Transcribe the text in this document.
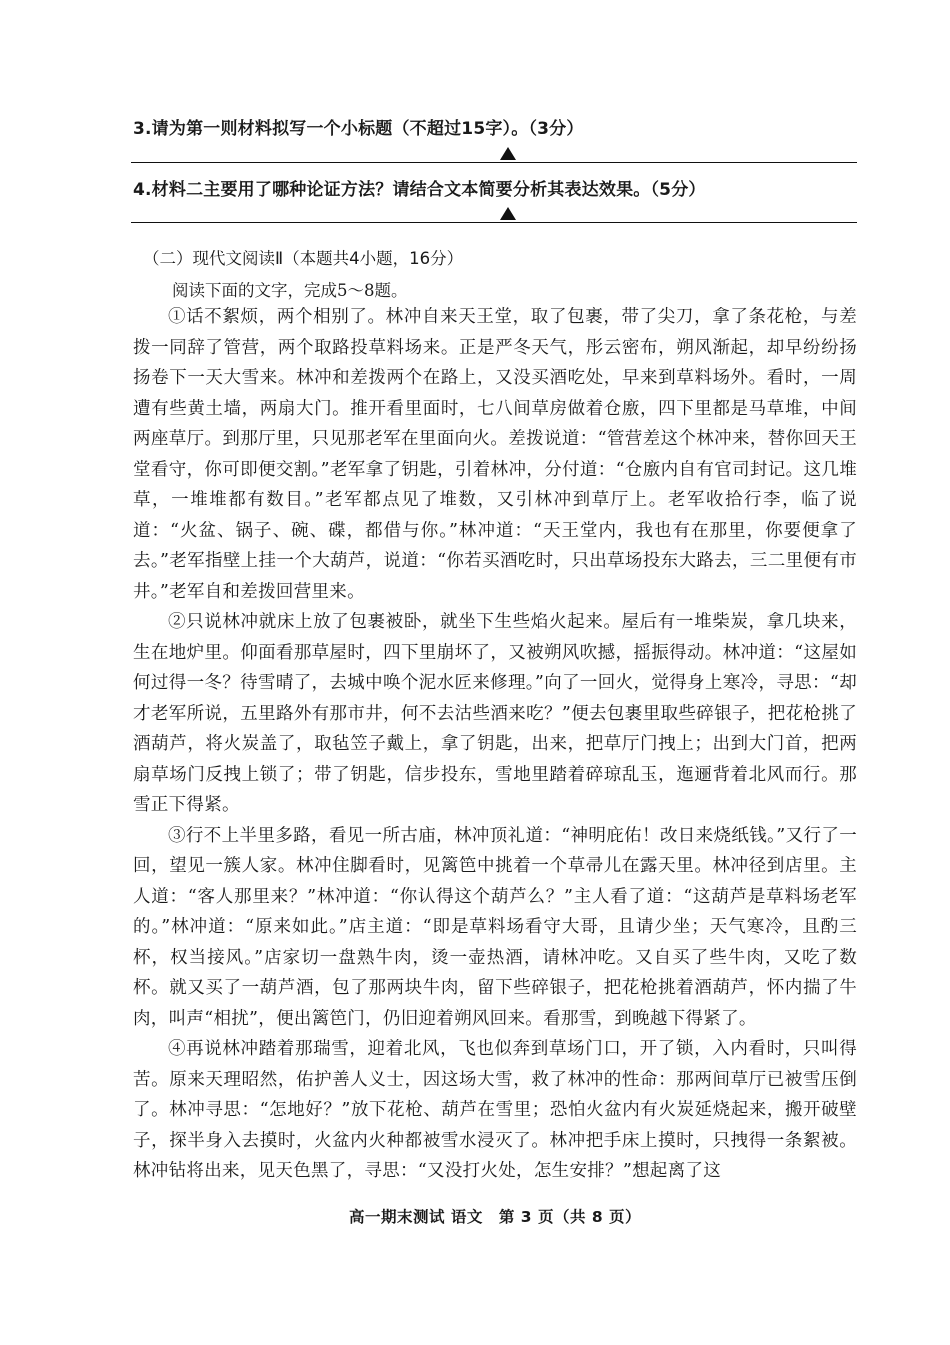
3.请为第一则材料拟写一个小标题（不超过15字）。（3分）
4.材料二主要用了哪种论证方法？请结合文本简要分析其表达效果。（5分）
（二）现代文阅读Ⅱ（本题共4小题，16分）
阅读下面的文字，完成5～8题。

①话不絮烦，两个相别了。林冲自来天王堂，取了包裹，带了尖刀，拿了条花枪，与差拨一同辞了管营，两个取路投草料场来。正是严冬天气，彤云密布，朔风渐起，却早纷纷扬扬卷下一天大雪来。林冲和差拨两个在路上，又没买酒吃处，早来到草料场外。看时，一周遭有些黄土墙，两扇大门。推开看里面时，七八间草房做着仓廒，四下里都是马草堆，中间两座草厅。到那厅里，只见那老军在里面向火。差拨说道：“管营差这个林冲来，替你回天王堂看守，你可即便交割。”老军拿了钥匙，引着林冲，分付道：“仓廒内自有官司封记。这几堆草，一堆堆都有数目。”老军都点见了堆数，又引林冲到草厅上。老军收拾行李，临了说道：“火盆、锅子、碗、碟，都借与你。”林冲道：“天王堂内，我也有在那里，你要便拿了去。”老军指壁上挂一个大葫芦，说道：“你若买酒吃时，只出草场投东大路去，三二里便有市井。”老军自和差拨回营里来。

②只说林冲就床上放了包裹被卧，就坐下生些焰火起来。屋后有一堆柴炭，拿几块来，生在地炉里。仰面看那草屋时，四下里崩坏了，又被朔风吹撼，摇振得动。林冲道：“这屋如何过得一冬？待雪晴了，去城中唤个泥水匠来修理。”向了一回火，觉得身上寒冷，寻思：“却才老军所说，五里路外有那市井，何不去沽些酒来吃？”便去包裹里取些碎银子，把花枪挑了酒葫芦，将火炭盖了，取毡笠子戴上，拿了钥匙，出来，把草厅门拽上；出到大门首，把两扇草场门反拽上锁了；带了钥匙，信步投东，雪地里踏着碎琼乱玉，迤逦背着北风而行。那雪正下得紧。

③行不上半里多路，看见一所古庙，林冲顶礼道：“神明庇佑！改日来烧纸钱。”又行了一回，望见一簇人家。林冲住脚看时，见篱笆中挑着一个草帚儿在露天里。林冲径到店里。主人道：“客人那里来？”林冲道：“你认得这个葫芦么？”主人看了道：“这葫芦是草料场老军的。”林冲道：“原来如此。”店主道：“即是草料场看守大哥，且请少坐；天气寒冷，且酌三杯，权当接风。”店家切一盘熟牛肉，烫一壶热酒，请林冲吃。又自买了些牛肉，又吃了数杯。就又买了一葫芦酒，包了那两块牛肉，留下些碎银子，把花枪挑着酒葫芦，怀内揣了牛肉，叫声“相扰”，便出篱笆门，仍旧迎着朔风回来。看那雪，到晚越下得紧了。

④再说林冲踏着那瑞雪，迎着北风，飞也似奔到草场门口，开了锁，入内看时，只叫得苦。原来天理昭然，佑护善人义士，因这场大雪，救了林冲的性命：那两间草厅已被雪压倒了。林冲寻思：“怎地好？”放下花枪、葫芦在雪里；恐怕火盆内有火炭延烧起来，搬开破壁子，探半身入去摸时，火盆内火种都被雪水浸灭了。林冲把手床上摸时，只拽得一条絮被。林冲钻将出来，见天色黑了，寻思：“又没打火处，怎生安排？”想起离了这

高一期末测试 语文　第 3 页（共 8 页）
